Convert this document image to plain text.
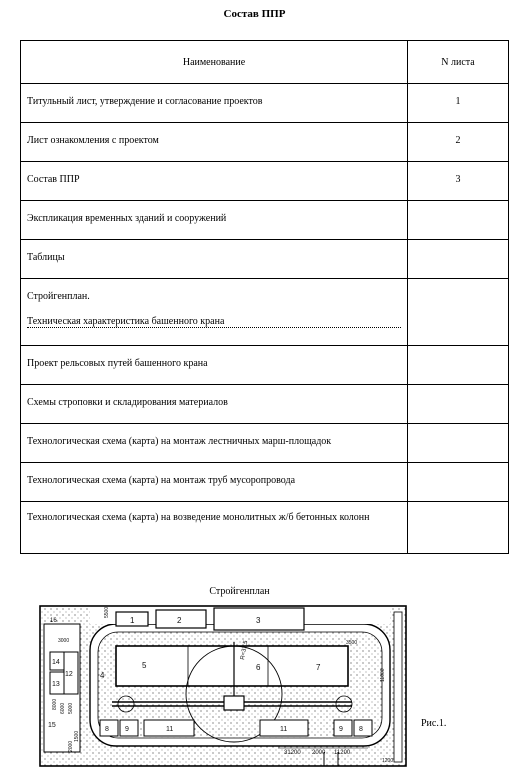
Состав ППР
Наименование	N листа

Титульный лист, утверждение и согласование проектов	1

Лист ознакомления с проектом	2

Состав ППР	3

Экспликация временных зданий и сооружений	

Таблицы	

Стройгенплан.
Техническая характеристика башенного крана	

Проект рельсовых путей башенного крана	

Схемы строповки и складирования материалов	

Технологическая схема (карта) на монтаж лестничных марш-площадок	

Технологическая схема (карта) на монтаж труб мусоропровода	

Технологическая схема (карта) на возведение монолитных ж/б бетонных колонн	

Стройгенплан
1	2	3
14
13
12
15
16
5	6	7
4
R=31,5
8 9	11	11	9 8
5500
3000
8000 6000 5000
1500
2000
3500
11000
31200 2000 11200
1200
Рис.1.
